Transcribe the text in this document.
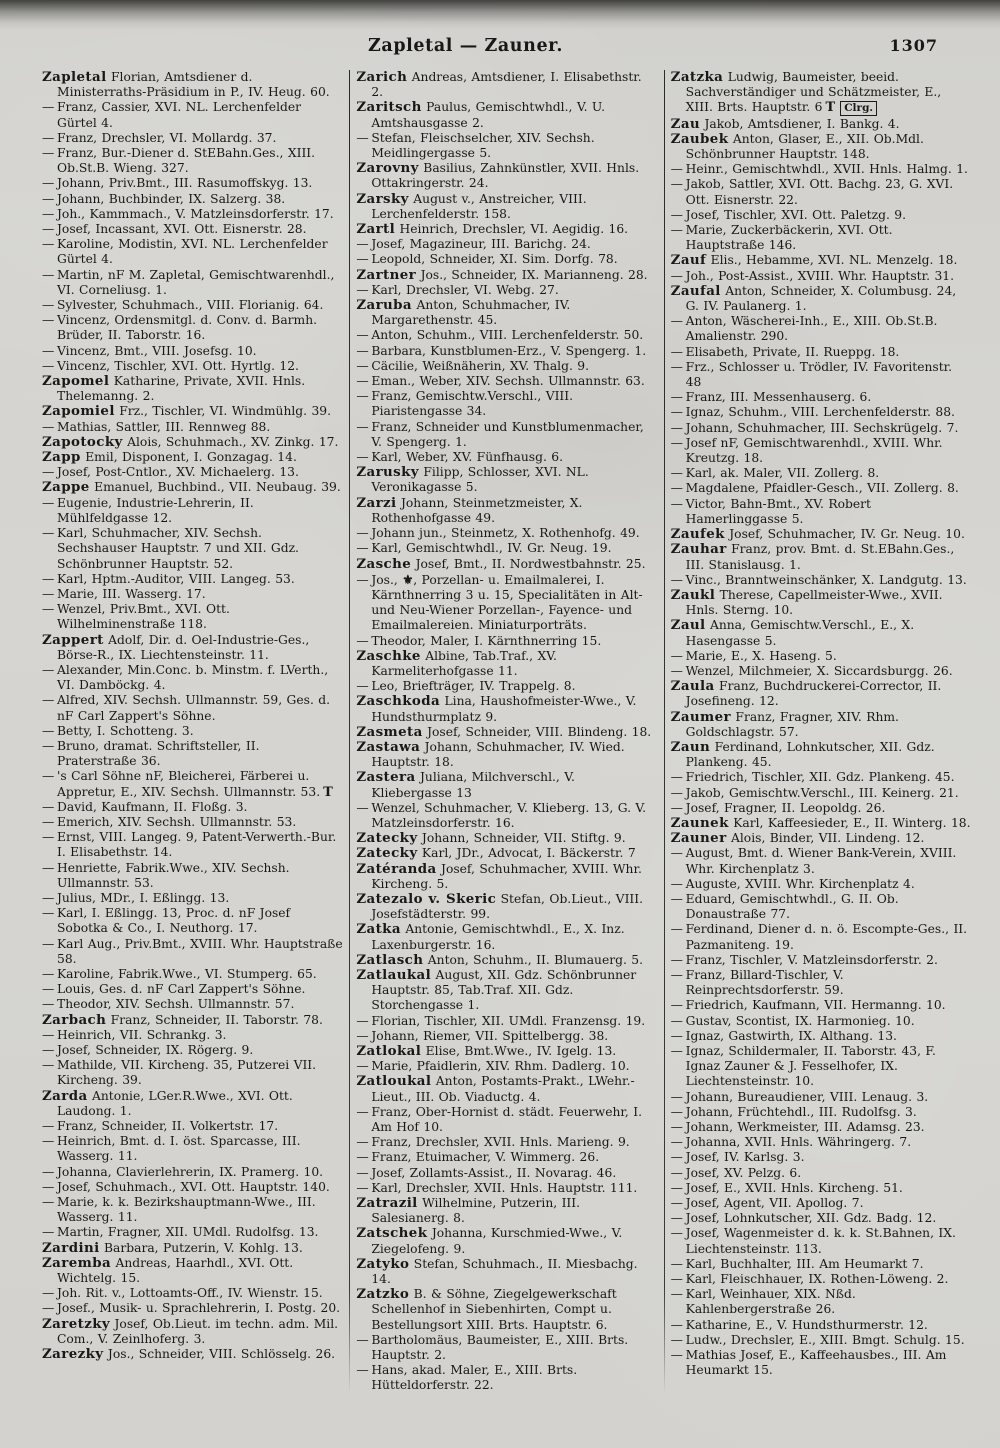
Zapletal — Zauner.	1307
Zapletal Florian, Amtsdiener d. Ministerraths-Präsidium in P., IV. Heug. 60.
— Franz, Cassier, XVI. NL. Lerchenfelder Gürtel 4.
— Franz, Drechsler, VI. Mollardg. 37.
— Franz, Bur.-Diener d. StEBahn.Ges., XIII. Ob.St.B. Wieng. 327.
— Johann, Priv.Bmt., III. Rasumoffskyg. 13.
— Johann, Buchbinder, IX. Salzerg. 38.
— Joh., Kammmach., V. Matzleinsdorferstr. 17.
— Josef, Incassant, XVI. Ott. Eisnerstr. 28.
— Karoline, Modistin, XVI. NL. Lerchenfelder Gürtel 4.
— Martin, nF M. Zapletal, Gemischtwarenhdl., VI. Corneliusg. 1.
— Sylvester, Schuhmach., VIII. Florianig. 64.
— Vincenz, Ordensmitgl. d. Conv. d. Barmh. Brüder, II. Taborstr. 16.
— Vincenz, Bmt., VIII. Josefsg. 10.
— Vincenz, Tischler, XVI. Ott. Hyrtlg. 12.
Zapomel Katharine, Private, XVII. Hnls. Thelemanng. 2.
Zapomiel Frz., Tischler, VI. Windmühlg. 39.
— Mathias, Sattler, III. Rennweg 88.
Zapotocky Alois, Schuhmach., XV. Zinkg. 17.
Zapp Emil, Disponent, I. Gonzagag. 14.
— Josef, Post-Cntlor., XV. Michaelerg. 13.
Zappe Emanuel, Buchbind., VII. Neubaug. 39.
— Eugenie, Industrie-Lehrerin, II. Mühlfeldgasse 12.
— Karl, Schuhmacher, XIV. Sechsh. Sechshauser Hauptstr. 7 und XII. Gdz. Schönbrunner Hauptstr. 52.
— Karl, Hptm.-Auditor, VIII. Langeg. 53.
— Marie, III. Wasserg. 17.
— Wenzel, Priv.Bmt., XVI. Ott. Wilhelminenstraße 118.
Zappert Adolf, Dir. d. Oel-Industrie-Ges., Börse-R., IX. Liechtensteinstr. 11.
— Alexander, Min.Conc. b. Minstm. f. LVerth., VI. Damböckg. 4.
— Alfred, XIV. Sechsh. Ullmannstr. 59, Ges. d. nF Carl Zappert's Söhne.
— Betty, I. Schotteng. 3.
— Bruno, dramat. Schriftsteller, II. Praterstraße 36.
— 's Carl Söhne nF, Bleicherei, Färberei u. Appretur, E., XIV. Sechsh. Ullmannstr. 53. T
— David, Kaufmann, II. Floßg. 3.
— Emerich, XIV. Sechsh. Ullmannstr. 53.
— Ernst, VIII. Langeg. 9, Patent-Verwerth.-Bur. I. Elisabethstr. 14.
— Henriette, Fabrik.Wwe., XIV. Sechsh. Ullmannstr. 53.
— Julius, MDr., I. Eßlingg. 13.
— Karl, I. Eßlingg. 13, Proc. d. nF Josef Sobotka & Co., I. Neuthorg. 17.
— Karl Aug., Priv.Bmt., XVIII. Whr. Hauptstraße 58.
— Karoline, Fabrik.Wwe., VI. Stumperg. 65.
— Louis, Ges. d. nF Carl Zappert's Söhne.
— Theodor, XIV. Sechsh. Ullmannstr. 57.
Zarbach Franz, Schneider, II. Taborstr. 78.
— Heinrich, VII. Schrankg. 3.
— Josef, Schneider, IX. Rögerg. 9.
— Mathilde, VII. Kircheng. 35, Putzerei VII. Kircheng. 39.
Zarda Antonie, LGer.R.Wwe., XVI. Ott. Laudong. 1.
— Franz, Schneider, II. Volkertstr. 17.
— Heinrich, Bmt. d. I. öst. Sparcasse, III. Wasserg. 11.
— Johanna, Clavierlehrerin, IX. Pramerg. 10.
— Josef, Schuhmach., XVI. Ott. Hauptstr. 140.
— Marie, k. k. Bezirkshauptmann-Wwe., III. Wasserg. 11.
— Martin, Fragner, XII. UMdl. Rudolfsg. 13.
Zardini Barbara, Putzerin, V. Kohlg. 13.
Zaremba Andreas, Haarhdl., XVI. Ott. Wichtelg. 15.
— Joh. Rit. v., Lottoamts-Off., IV. Wienstr. 15.
— Josef., Musik- u. Sprachlehrerin, I. Postg. 20.
Zaretzky Josef, Ob.Lieut. im techn. adm. Mil. Com., V. Zeinlhoferg. 3.
Zarezky Jos., Schneider, VIII. Schlösselg. 26.
Zarich Andreas, Amtsdiener, I. Elisabethstr. 2.
Zaritsch Paulus, Gemischtwhdl., V. U. Amtshausgasse 2.
— Stefan, Fleischselcher, XIV. Sechsh. Meidlingergasse 5.
Zarovny Basilius, Zahnkünstler, XVII. Hnls. Ottakringerstr. 24.
Zarsky August v., Anstreicher, VIII. Lerchenfelderstr. 158.
Zartl Heinrich, Drechsler, VI. Aegidig. 16.
— Josef, Magazineur, III. Barichg. 24.
— Leopold, Schneider, XI. Sim. Dorfg. 78.
Zartner Jos., Schneider, IX. Marianneng. 28.
— Karl, Drechsler, VI. Webg. 27.
Zaruba Anton, Schuhmacher, IV. Margarethenstr. 45.
— Anton, Schuhm., VIII. Lerchenfelderstr. 50.
— Barbara, Kunstblumen-Erz., V. Spengerg. 1.
— Cäcilie, Weißnäherin, XV. Thalg. 9.
— Eman., Weber, XIV. Sechsh. Ullmannstr. 63.
— Franz, Gemischtw.Verschl., VIII. Piaristengasse 34.
— Franz, Schneider und Kunstblumenmacher, V. Spengerg. 1.
— Karl, Weber, XV. Fünfhausg. 6.
Zarusky Filipp, Schlosser, XVI. NL. Veronikagasse 5.
Zarzi Johann, Steinmetzmeister, X. Rothenhofgasse 49.
— Johann jun., Steinmetz, X. Rothenhofg. 49.
— Karl, Gemischtwhdl., IV. Gr. Neug. 19.
Zasche Josef, Bmt., II. Nordwestbahnstr. 25.
— Jos., ⚜, Porzellan- u. Emailmalerei, I. Kärnthnerring 3 u. 15, Specialitäten in Alt- und Neu-Wiener Porzellan-, Fayence- und Emailmalereien. Miniaturporträts.
— Theodor, Maler, I. Kärnthnerring 15.
Zaschke Albine, Tab.Traf., XV. Karmeliterhofgasse 11.
— Leo, Briefträger, IV. Trappelg. 8.
Zaschkoda Lina, Haushofmeister-Wwe., V. Hundsthurmplatz 9.
Zasmeta Josef, Schneider, VIII. Blindeng. 18.
Zastawa Johann, Schuhmacher, IV. Wied. Hauptstr. 18.
Zastera Juliana, Milchverschl., V. Kliebergasse 13
— Wenzel, Schuhmacher, V. Klieberg. 13, G. V. Matzleinsdorferstr. 16.
Zatecky Johann, Schneider, VII. Stiftg. 9.
Zatecky Karl, JDr., Advocat, I. Bäckerstr. 7
Zatéranda Josef, Schuhmacher, XVIII. Whr. Kircheng. 5.
Zatezalo v. Skeric Stefan, Ob.Lieut., VIII. Josefstädterstr. 99.
Zatka Antonie, Gemischtwhdl., E., X. Inz. Laxenburgerstr. 16.
Zatlasch Anton, Schuhm., II. Blumauerg. 5.
Zatlaukal August, XII. Gdz. Schönbrunner Hauptstr. 85, Tab.Traf. XII. Gdz. Storchengasse 1.
— Florian, Tischler, XII. UMdl. Franzensg. 19.
— Johann, Riemer, VII. Spittelbergg. 38.
Zatlokal Elise, Bmt.Wwe., IV. Igelg. 13.
— Marie, Pfaidlerin, XIV. Rhm. Dadlerg. 10.
Zatloukal Anton, Postamts-Prakt., LWehr.-Lieut., III. Ob. Viaductg. 4.
— Franz, Ober-Hornist d. städt. Feuerwehr, I. Am Hof 10.
— Franz, Drechsler, XVII. Hnls. Marieng. 9.
— Franz, Etuimacher, V. Wimmerg. 26.
— Josef, Zollamts-Assist., II. Novarag. 46.
— Karl, Drechsler, XVII. Hnls. Hauptstr. 111.
Zatrazil Wilhelmine, Putzerin, III. Salesianerg. 8.
Zatschek Johanna, Kurschmied-Wwe., V. Ziegelofeng. 9.
Zatyko Stefan, Schuhmach., II. Miesbachg. 14.
Zatzko B. & Söhne, Ziegelgewerkschaft Schellenhof in Siebenhirten, Compt u. Bestellungsort XIII. Brts. Hauptstr. 6.
— Bartholomäus, Baumeister, E., XIII. Brts. Hauptstr. 2.
— Hans, akad. Maler, E., XIII. Brts. Hütteldorferstr. 22.
Zatzka Ludwig, Baumeister, beeid. Sachverständiger und Schätzmeister, E., XIII. Brts. Hauptstr. 6 T Clrg.
Zau Jakob, Amtsdiener, I. Bankg. 4.
Zaubek Anton, Glaser, E., XII. Ob.Mdl. Schönbrunner Hauptstr. 148.
— Heinr., Gemischtwhdl., XVII. Hnls. Halmg. 1.
— Jakob, Sattler, XVI. Ott. Bachg. 23, G. XVI. Ott. Eisnerstr. 22.
— Josef, Tischler, XVI. Ott. Paletzg. 9.
— Marie, Zuckerbäckerin, XVI. Ott. Hauptstraße 146.
Zauf Elis., Hebamme, XVI. NL. Menzelg. 18.
— Joh., Post-Assist., XVIII. Whr. Hauptstr. 31.
Zaufal Anton, Schneider, X. Columbusg. 24, G. IV. Paulanerg. 1.
— Anton, Wäscherei-Inh., E., XIII. Ob.St.B. Amalienstr. 290.
— Elisabeth, Private, II. Rueppg. 18.
— Frz., Schlosser u. Trödler, IV. Favoritenstr. 48
— Franz, III. Messenhauserg. 6.
— Ignaz, Schuhm., VIII. Lerchenfelderstr. 88.
— Johann, Schuhmacher, III. Sechskrügelg. 7.
— Josef nF, Gemischtwarenhdl., XVIII. Whr. Kreutzg. 18.
— Karl, ak. Maler, VII. Zollerg. 8.
— Magdalene, Pfaidler-Gesch., VII. Zollerg. 8.
— Victor, Bahn-Bmt., XV. Robert Hamerlinggasse 5.
Zaufek Josef, Schuhmacher, IV. Gr. Neug. 10.
Zauhar Franz, prov. Bmt. d. St.EBahn.Ges., III. Stanislausg. 1.
— Vinc., Branntweinschänker, X. Landgutg. 13.
Zaukl Therese, Capellmeister-Wwe., XVII. Hnls. Sterng. 10.
Zaul Anna, Gemischtw.Verschl., E., X. Hasengasse 5.
— Marie, E., X. Haseng. 5.
— Wenzel, Milchmeier, X. Siccardsburgg. 26.
Zaula Franz, Buchdruckerei-Corrector, II. Josefineng. 12.
Zaumer Franz, Fragner, XIV. Rhm. Goldschlagstr. 57.
Zaun Ferdinand, Lohnkutscher, XII. Gdz. Plankeng. 45.
— Friedrich, Tischler, XII. Gdz. Plankeng. 45.
— Jakob, Gemischtw.Verschl., III. Keinerg. 21.
— Josef, Fragner, II. Leopoldg. 26.
Zaunek Karl, Kaffeesieder, E., II. Winterg. 18.
Zauner Alois, Binder, VII. Lindeng. 12.
— August, Bmt. d. Wiener Bank-Verein, XVIII. Whr. Kirchenplatz 3.
— Auguste, XVIII. Whr. Kirchenplatz 4.
— Eduard, Gemischtwhdl., G. II. Ob. Donaustraße 77.
— Ferdinand, Diener d. n. ö. Escompte-Ges., II. Pazmaniteng. 19.
— Franz, Tischler, V. Matzleinsdorferstr. 2.
— Franz, Billard-Tischler, V. Reinprechtsdorferstr. 59.
— Friedrich, Kaufmann, VII. Hermanng. 10.
— Gustav, Scontist, IX. Harmonieg. 10.
— Ignaz, Gastwirth, IX. Althang. 13.
— Ignaz, Schildermaler, II. Taborstr. 43, F. Ignaz Zauner & J. Fesselhofer, IX. Liechtensteinstr. 10.
— Johann, Bureaudiener, VIII. Lenaug. 3.
— Johann, Früchtehdl., III. Rudolfsg. 3.
— Johann, Werkmeister, III. Adamsg. 23.
— Johanna, XVII. Hnls. Währingerg. 7.
— Josef, IV. Karlsg. 3.
— Josef, XV. Pelzg. 6.
— Josef, E., XVII. Hnls. Kircheng. 51.
— Josef, Agent, VII. Apollog. 7.
— Josef, Lohnkutscher, XII. Gdz. Badg. 12.
— Josef, Wagenmeister d. k. k. St.Bahnen, IX. Liechtensteinstr. 113.
— Karl, Buchhalter, III. Am Heumarkt 7.
— Karl, Fleischhauer, IX. Rothen-Löweng. 2.
— Karl, Weinhauer, XIX. Nßd. Kahlenbergerstraße 26.
— Katharine, E., V. Hundsthurmerstr. 12.
— Ludw., Drechsler, E., XIII. Bmgt. Schulg. 15.
— Mathias Josef, E., Kaffeehausbes., III. Am Heumarkt 15.
